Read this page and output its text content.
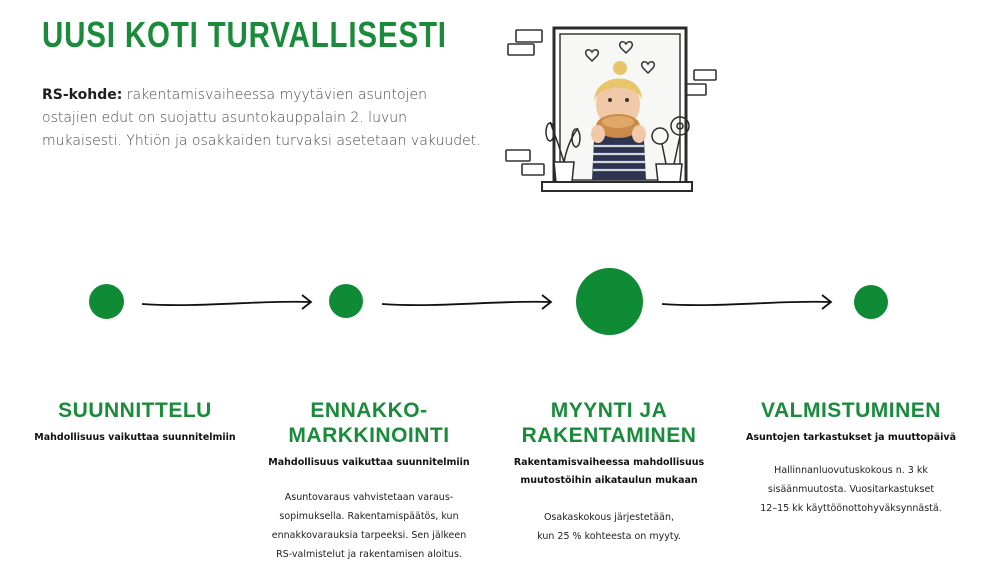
UUSI KOTI TURVALLISESTI

RS-kohde: rakentamisvaiheessa myytävien asuntojen ostajien edut on suojattu asuntokauppalain 2. luvun mukaisesti. Yhtiön ja osakkaiden turvaksi asetetaan vakuudet.

SUUNNITTELU

Mahdollisuus vaikuttaa suunnitelmiin

ENNAKKO-
MARKKINOINTI

Mahdollisuus vaikuttaa suunnitelmiin

Asuntovaraus vahvistetaan varaus-
sopimuksella. Rakentamispäätös, kun
ennakkovarauksia tarpeeksi. Sen jälkeen
RS-valmistelut ja rakentamisen aloitus.

MYYNTI JA
RAKENTAMINEN

Rakentamisvaiheessa mahdollisuus
muutostöihin aikataulun mukaan

Osakaskokous järjestetään,
kun 25 % kohteesta on myyty.

VALMISTUMINEN

Asuntojen tarkastukset ja muuttopäivä

Hallinnanluovutuskokous n. 3 kk
sisäänmuutosta. Vuositarkastukset
12–15 kk käyttöönottohyväksynnästä.
